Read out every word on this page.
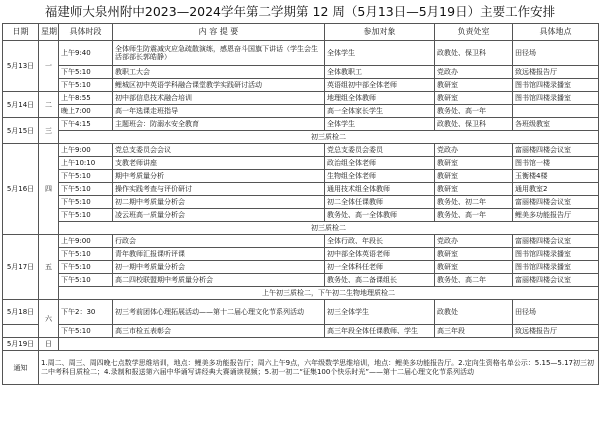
福建师大泉州附中2023—2024学年第二学期第 12 周（5月13日—5月19日）主要工作安排
日期	星期	具体时段	内 容 提 要	参加对象	负责处室	具体地点
5月13日	一	上午9:40	全体师生防震减灾应急疏散演练，感恩奋斗国旗下讲话（学生会生活部部长郭皓静）	全体学生	政教处、保卫科	田径场
		下午5:10	教职工大会	全体教职工	党政办	致远楼报告厅
		下午5:10	鲤城区初中英语学科融合课堂教学实践研讨活动	英语组初中部全体老师	教研室	图书馆四楼录播室
5月14日	二	上午8:55	初中部信息技术融合培训	地理组全体教师	教研室	图书馆四楼录播室
		晚上7:00	高一年选课走班指导	高一全体家长学生	教务处、高一年	
5月15日	三	下午4:15	主题班会：防溺水安全教育	全体学生	政教处、保卫科	各班级教室
		初三质检二				
5月16日	四	上午9:00	党总支委员会会议	党总支委员会委员	党政办	富丽楼四楼会议室
		上午10:10	支教老师讲座	政治组全体老师	教研室	图书馆一楼
		下午5:10	期中考质量分析	生物组全体老师	教研室	玉衡楼4楼
		下午5:10	操作实践考查与评价研讨	通用技术组全体教师	教研室	通用教室2
		下午5:10	初二期中考质量分析会	初二全体任课教师	教务处、初二年	富丽楼四楼会议室
		下午5:10	凌云班高一质量分析会	教务处、高一全体教师	教务处、高一年	鲤美多功能报告厅
		初三质检二				
5月17日	五	上午9:00	行政会	全体行政、年段长	党政办	富丽楼四楼会议室
		下午5:10	青年教师汇报课听评课	初中部全体英语老师	教研室	图书馆四楼录播室
		下午5:10	初一期中考质量分析会	初一全体科任老师	教研室	图书馆四楼录播室
		下午5:10	高二四校联盟期中考质量分析会	教务处、高二备课组长	教务处、高二年	富丽楼四楼会议室
		上午初三质检二，下午初二生物地理质检二				
5月18日	六	下午2：30	初三考前团体心理拓展活动——第十二届心理文化节系列活动	初三全体学生	政教处	田径场
		下午5:10	高三市检五表彰会	高三年段全体任课教师、学生	高三年段	致远楼报告厅
5月19日	日					
通知	1.周二、周三、周四晚七点数学思维培训，地点：鲤美多功能报告厅；周六上午9点，六年级数学思维培训，地点：鲤美多功能报告厅。2.定向生资格名单公示：5.15—5.17初三初二中考科目质检二；4.录制和报送第六届中华诵写讲经典大赛诵读视频；5.初一初二“征集100个快乐时光”——第十二届心理文化节系列活动					
